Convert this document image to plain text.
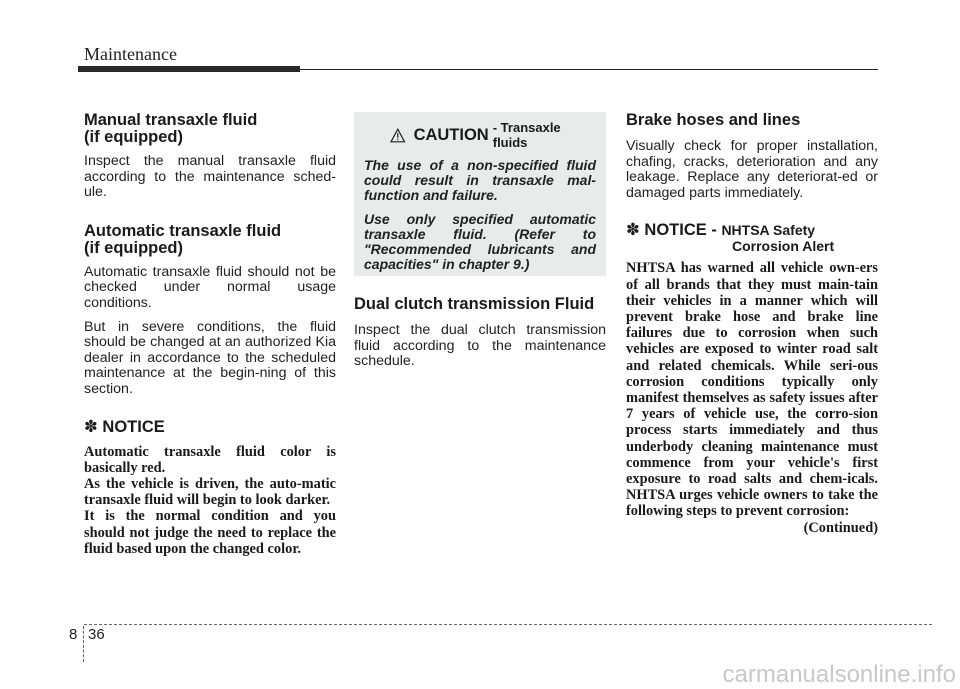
Maintenance
Manual transaxle fluid
(if equipped)

Inspect the manual transaxle fluid according to the maintenance sched-ule.

Automatic transaxle fluid
(if equipped)

Automatic transaxle fluid should not be checked under normal usage conditions.

But in severe conditions, the fluid should be changed at an authorized Kia dealer in accordance to the scheduled maintenance at the begin-ning of this section.

✽ NOTICE

Automatic transaxle fluid color is basically red.

As the vehicle is driven, the auto-matic transaxle fluid will begin to look darker.

It is the normal condition and you should not judge the need to replace the fluid based upon the changed color.

CAUTION - Transaxle fluids

The use of a non-specified fluid could result in transaxle mal-function and failure.

Use only specified automatic transaxle fluid. (Refer to "Recommended lubricants and capacities" in chapter 9.)

Dual clutch transmission Fluid

Inspect the dual clutch transmission fluid according to the maintenance schedule.

Brake hoses and lines

Visually check for proper installation, chafing, cracks, deterioration and any leakage. Replace any deteriorat-ed or damaged parts immediately.

✽ NOTICE - NHTSA Safety
Corrosion Alert

NHTSA has warned all vehicle own-ers of all brands that they must main-tain their vehicles in a manner which will prevent brake hose and brake line failures due to corrosion when such vehicles are exposed to winter road salt and related chemicals. While seri-ous corrosion conditions typically only manifest themselves as safety issues after 7 years of vehicle use, the corro-sion process starts immediately and thus underbody cleaning maintenance must commence from your vehicle's first exposure to road salts and chem-icals. NHTSA urges vehicle owners to take the following steps to prevent corrosion:

(Continued)

8 36
carmanualsonline.info
